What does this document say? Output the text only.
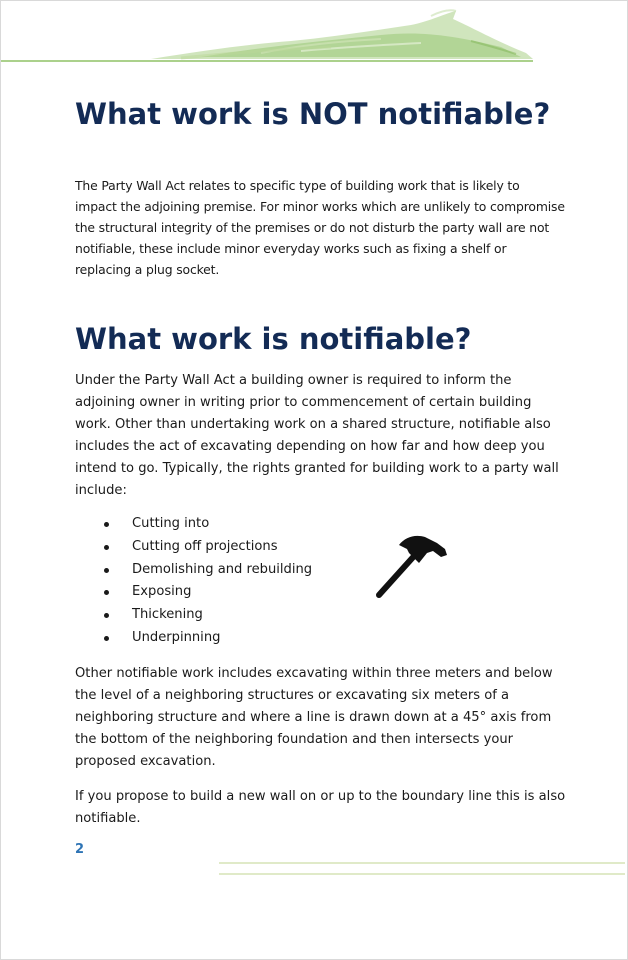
What work is NOT notifiable?

The Party Wall Act relates to specific type of building work that is likely to impact the adjoining premise. For minor works which are unlikely to compromise the structural integrity of the premises or do not disturb the party wall are not notifiable, these include minor everyday works such as fixing a shelf or replacing a plug socket.

What work is notifiable?

Under the Party Wall Act a building owner is required to inform the adjoining owner in writing prior to commencement of certain building work. Other than undertaking work on a shared structure, notifiable also includes the act of excavating depending on how far and how deep you intend to go. Typically, the rights granted for building work to a party wall include:

Cutting into
Cutting off projections
Demolishing and rebuilding
Exposing
Thickening
Underpinning

Other notifiable work includes excavating within three meters and below the level of a neighboring structures or excavating six meters of a neighboring structure and where a line is drawn down at a 45° axis from the bottom of the neighboring foundation and then intersects your proposed excavation.

If you propose to build a new wall on or up to the boundary line this is also notifiable.

2
